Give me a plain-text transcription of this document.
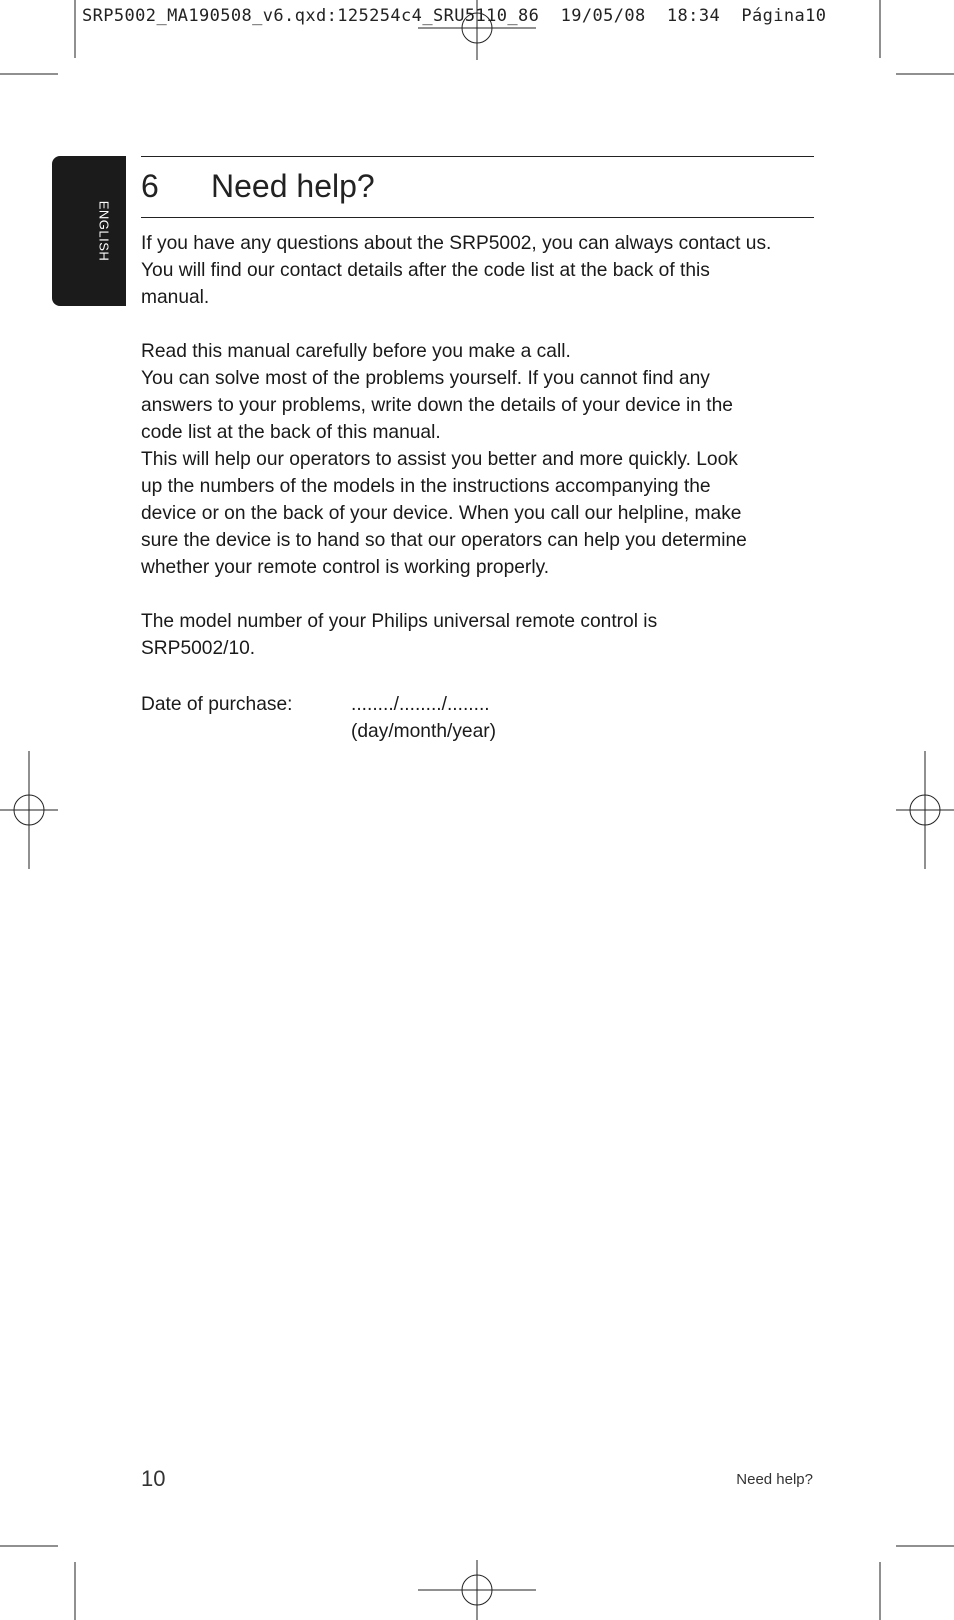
SRP5002_MA190508_v6.qxd:125254c4_SRU5110_86  19/05/08  18:34  Página10
ENGLISH
6	Need help?

If you have any questions about the SRP5002, you can always contact us.

You will find our contact details after the code list at the back of this

manual.

Read this manual carefully before you make a call.

You can solve most of the problems yourself. If you cannot find any

answers to your problems, write down the details of your device in the

code list at the back of this manual.

This will help our operators to assist you better and more quickly. Look

up the numbers of the models in the instructions accompanying the

device or on the back of your device. When you call our helpline, make

sure the device is to hand so that our operators can help you determine

whether your remote control is working properly.

The model number of your Philips universal remote control is

SRP5002/10.

Date of purchase:	......../......../........
(day/month/year)
10	Need help?
